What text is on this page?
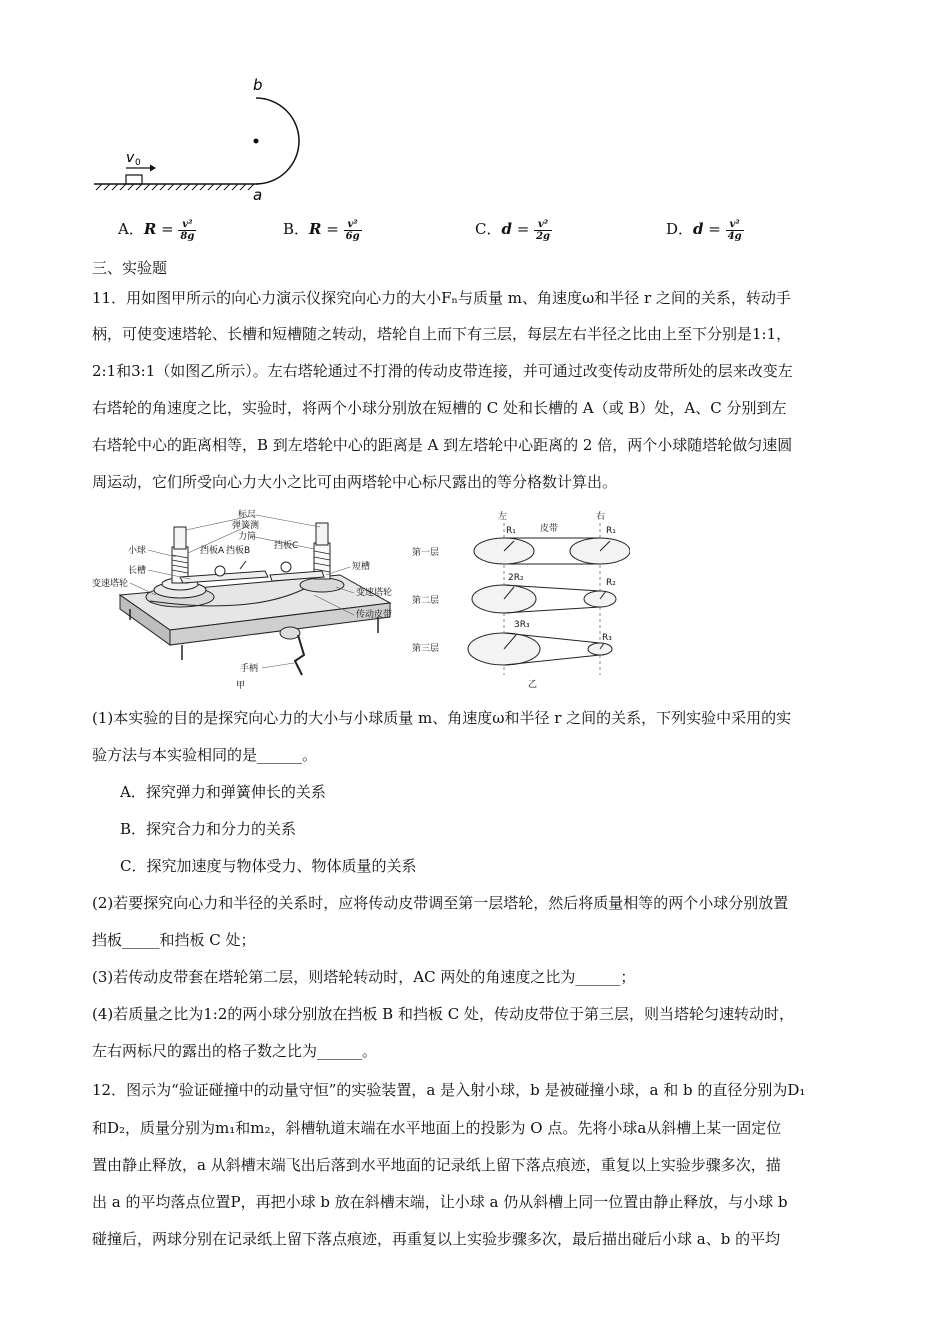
v 0
b
a
A．$R = \frac{\text{v²}}{8g}$	B．$R = \frac{\text{v²}}{6g}$	C．$d = \frac{\text{v²}}{2g}$	D．$d = \frac{\text{v²}}{4g}$
三、实验题
11．用如图甲所示的向心力演示仪探究向心力的大小Fₙ与质量 m、角速度ω和半径 r 之间的关系，转动手
柄，可使变速塔轮、长槽和短槽随之转动，塔轮自上而下有三层，每层左右半径之比由上至下分别是1:1，
2:1和3:1（如图乙所示）。左右塔轮通过不打滑的传动皮带连接，并可通过改变传动皮带所处的层来改变左
右塔轮的角速度之比，实验时，将两个小球分别放在短槽的 C 处和长槽的 A（或 B）处，A、C 分别到左
右塔轮中心的距离相等，B 到左塔轮中心的距离是 A 到左塔轮中心距离的 2 倍，两个小球随塔轮做匀速圆
周运动，它们所受向心力大小之比可由两塔轮中心标尺露出的等分格数计算出。
标尺
弹簧测
力筒
挡板C
挡板A 挡板B
小球
长槽
变速塔轮
短槽
变速塔轮
传动皮带
手柄
甲
左	右
皮带
第一层
第二层
第三层
R₁	R₁
2R₂	R₂
3R₃
R₃
乙
(1)本实验的目的是探究向心力的大小与小球质量 m、角速度ω和半径 r 之间的关系，下列实验中采用的实
验方法与本实验相同的是______。
A．探究弹力和弹簧伸长的关系
B．探究合力和分力的关系
C．探究加速度与物体受力、物体质量的关系
(2)若要探究向心力和半径的关系时，应将传动皮带调至第一层塔轮，然后将质量相等的两个小球分别放置
挡板_____和挡板 C 处；
(3)若传动皮带套在塔轮第二层，则塔轮转动时，AC 两处的角速度之比为______；
(4)若质量之比为1:2的两小球分别放在挡板 B 和挡板 C 处，传动皮带位于第三层，则当塔轮匀速转动时，
左右两标尺的露出的格子数之比为______。
12．图示为“验证碰撞中的动量守恒”的实验装置，a 是入射小球，b 是被碰撞小球，a 和 b 的直径分别为D₁
和D₂，质量分别为m₁和m₂，斜槽轨道末端在水平地面上的投影为 O 点。先将小球a从斜槽上某一固定位
置由静止释放，a 从斜槽末端飞出后落到水平地面的记录纸上留下落点痕迹，重复以上实验步骤多次，描
出 a 的平均落点位置P，再把小球 b 放在斜槽末端，让小球 a 仍从斜槽上同一位置由静止释放，与小球 b
碰撞后，两球分别在记录纸上留下落点痕迹，再重复以上实验步骤多次，最后描出碰后小球 a、b 的平均
